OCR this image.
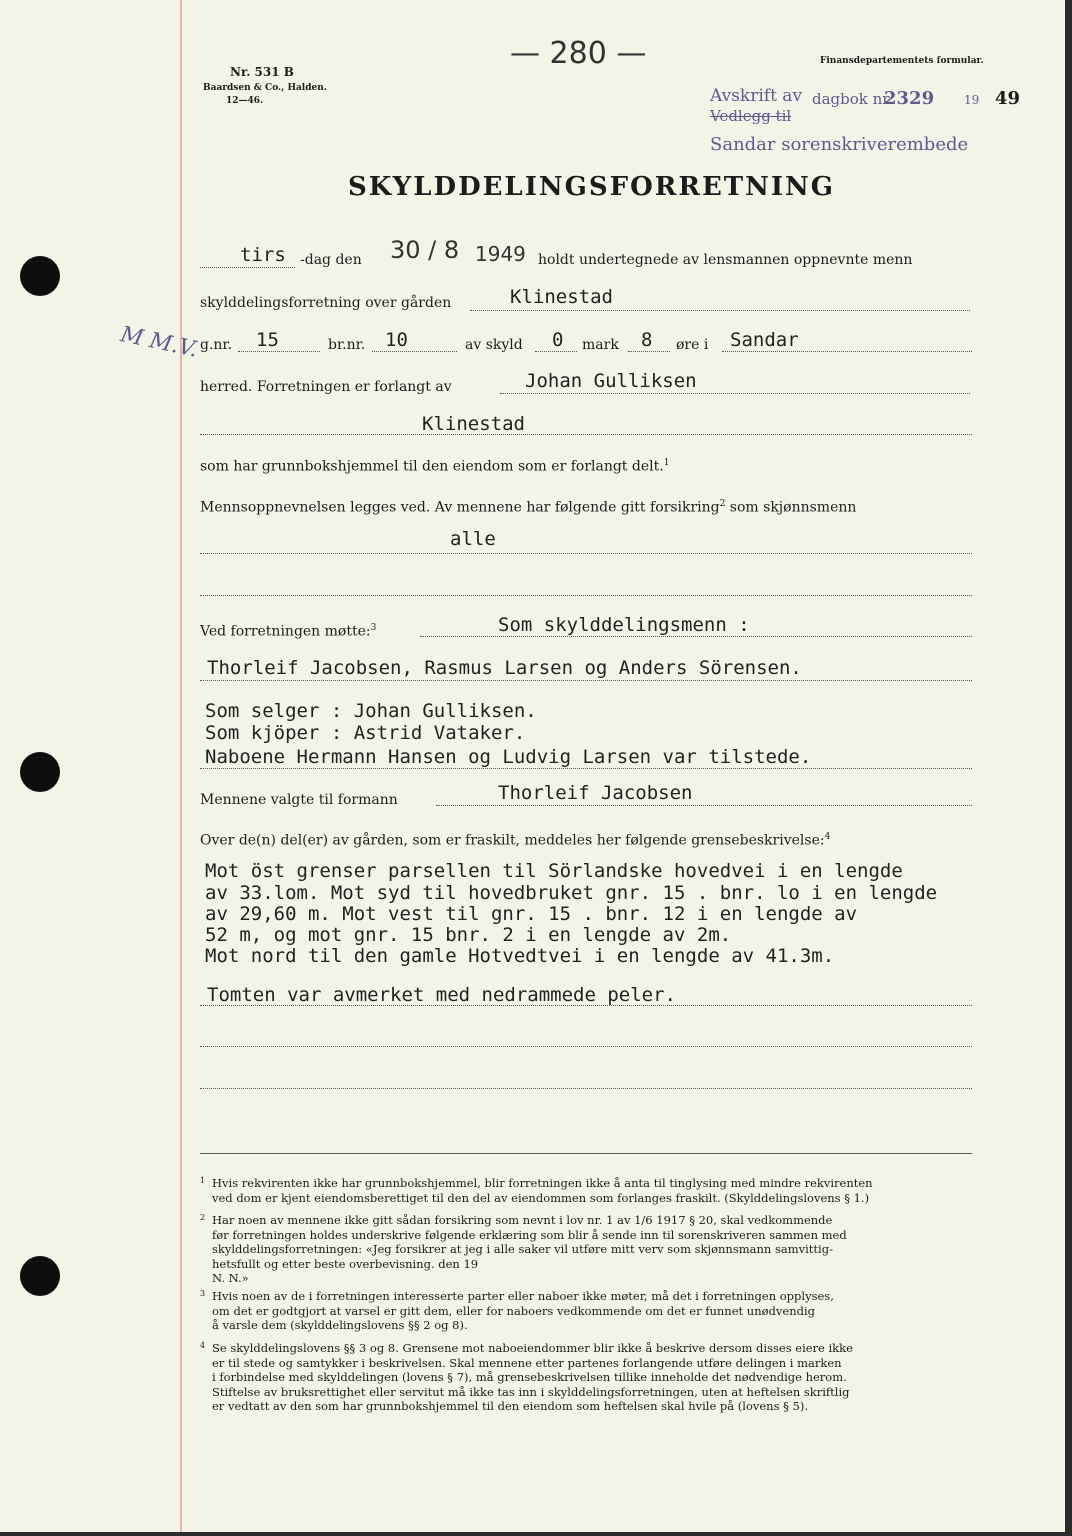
Nr. 531 B
Baardsen & Co., Halden.
12—46.
— 280 —	Finansdepartementets formular.
Avskrift av
Vedlegg til
dagbok nr.
2329 19 49
Sandar sorenskriverembede
SKYLDDELINGSFORRETNING
tirs -dag den 30 / 8 1949 holdt undertegnede av lensmannen oppnevnte menn
skylddelingsforretning over gården	Klinestad
g.nr. 15	br.nr. 10	av skyld 0 mark 8 øre i Sandar
M M.V.
herred. Forretningen er forlangt av	Johan Gulliksen
Klinestad
som har grunnbokshjemmel til den eiendom som er forlangt delt.$^1$
Mennsoppnevnelsen legges ved. Av mennene har følgende gitt forsikring$^2$ som skjønnsmenn
alle
Ved forretningen møtte:$^3$	Som skylddelingsmenn :
Thorleif Jacobsen, Rasmus Larsen og Anders Sörensen.
Som selger : Johan Gulliksen.
Som kjöper : Astrid Vataker.
Naboene Hermann Hansen og Ludvig Larsen var tilstede.
Mennene valgte til formann	Thorleif Jacobsen
Over de(n) del(er) av gården, som er fraskilt, meddeles her følgende grensebeskrivelse:$^4$
Mot öst grenser parsellen til Sörlandske hovedvei i en lengde
av 33.lom. Mot syd til hovedbruket gnr. 15 . bnr. lo i en lengde
av 29,60 m. Mot vest til gnr. 15 . bnr. 12 i en lengde av
52 m, og mot gnr. 15 bnr. 2 i en lengde av 2m.
Mot nord til den gamle Hotvedtvei i en lengde av 41.3m.
Tomten var avmerket med nedrammede peler.
1 Hvis rekvirenten ikke har grunnbokshjemmel, blir forretningen ikke å anta til tinglysing med mindre rekvirenten
ved dom er kjent eiendomsberettiget til den del av eiendommen som forlanges fraskilt. (Skylddelingslovens § 1.)
2 Har noen av mennene ikke gitt sådan forsikring som nevnt i lov nr. 1 av 1/6 1917 § 20, skal vedkommende
før forretningen holdes underskrive følgende erklæring som blir å sende inn til sorenskriveren sammen med
skylddelingsforretningen: «Jeg forsikrer at jeg i alle saker vil utføre mitt verv som skjønnsmann samvittig-
hetsfullt og etter beste overbevisning. den 19
N. N.»
3 Hvis noen av de i forretningen interesserte parter eller naboer ikke møter, må det i forretningen opplyses,
om det er godtgjort at varsel er gitt dem, eller for naboers vedkommende om det er funnet unødvendig
å varsle dem (skylddelingslovens §§ 2 og 8).
4 Se skylddelingslovens §§ 3 og 8. Grensene mot naboeiendommer blir ikke å beskrive dersom disses eiere ikke
er til stede og samtykker i beskrivelsen. Skal mennene etter partenes forlangende utføre delingen i marken
i forbindelse med skylddelingen (lovens § 7), må grensebeskrivelsen tillike inneholde det nødvendige herom.
Stiftelse av bruksrettighet eller servitut må ikke tas inn i skylddelingsforretningen, uten at heftelsen skriftlig
er vedtatt av den som har grunnbokshjemmel til den eiendom som heftelsen skal hvile på (lovens § 5).
